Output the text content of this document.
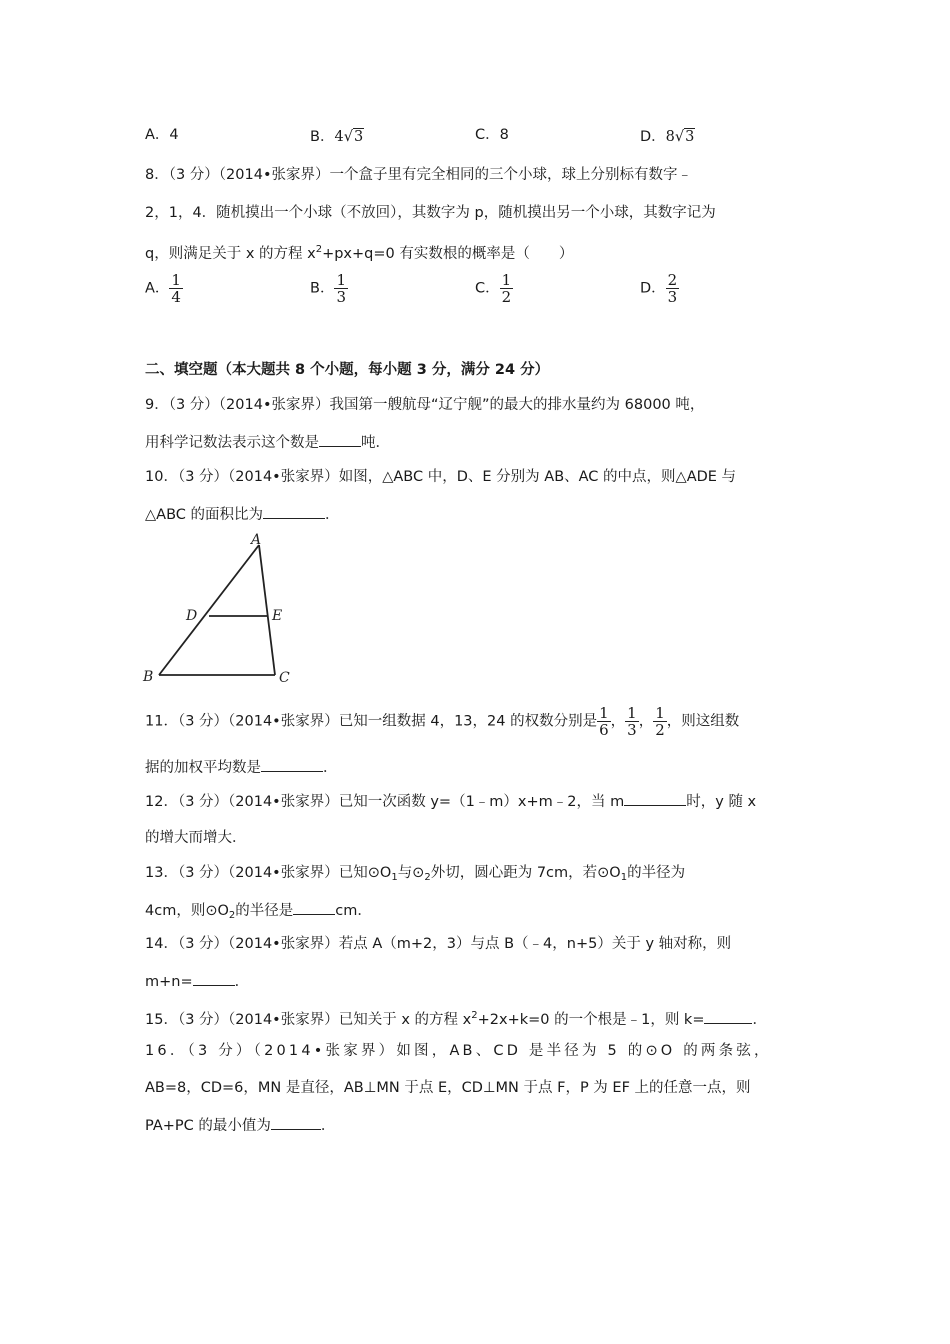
A．4	B．4√3	C．8	D．8√3
8．（3 分）（2014•张家界）一个盒子里有完全相同的三个小球，球上分别标有数字﹣
2，1，4．随机摸出一个小球（不放回），其数字为 p，随机摸出另一个小球，其数字记为
q，则满足关于 x 的方程 $x^2+px+q=0$ 有实数根的概率是（　　）
A． $\frac{1}{4}$	B． $\frac{1}{3}$	C． $\frac{1}{2}$	D． $\frac{2}{3}$
二、填空题（本大题共 8 个小题，每小题 3 分，满分 24 分）
9．（3 分）（2014•张家界）我国第一艘航母“辽宁舰”的最大的排水量约为 68000 吨，
用科学记数法表示这个数是	吨．
10．（3 分）（2014•张家界）如图，△ABC 中，D、E 分别为 AB、AC 的中点，则△ADE 与
△ABC 的面积比为	．
A
D	E
B	C
11．（3 分）（2014•张家界）已知一组数据 4，13，24 的权数分别是 $\frac{1}{6}$ ， $\frac{1}{3}$ ， $\frac{1}{2}$ ，则这组数
据的加权平均数是	．
12．（3 分）（2014•张家界）已知一次函数 y=（1﹣m）x+m﹣2，当 m	时，y 随 x
的增大而增大．
13．（3 分）（2014•张家界）已知$⊙O_1$与$⊙_2$外切，圆心距为 7cm，若$⊙O_1$的半径为
4cm，则$⊙O_2$的半径是	cm．
14．（3 分）（2014•张家界）若点 A（m+2，3）与点 B（﹣4，n+5）关于 y 轴对称，则
m+n=	．
15．（3 分）（2014•张家界）已知关于 x 的方程 $x^2+2x+k=0$ 的一个根是﹣1，则 k=	．
16．（3 分）（2014•张家界）如图，AB、CD 是半径为 5 的⊙O 的两条弦，
AB=8，CD=6，MN 是直径，AB⊥MN 于点 E，CD⊥MN 于点 F，P 为 EF 上的任意一点，则
PA+PC 的最小值为	．
